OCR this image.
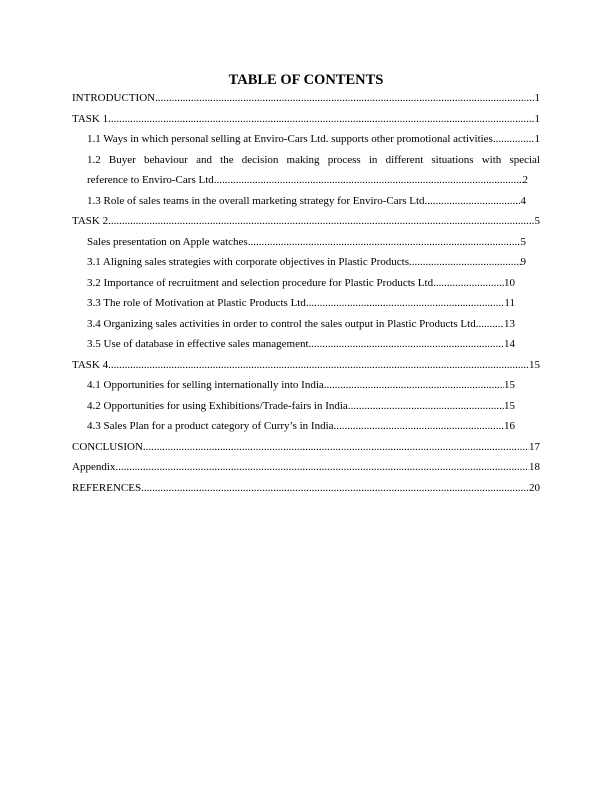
TABLE OF CONTENTS
INTRODUCTION .....	1
TASK 1 .....	1
1.1 Ways in which personal selling at Enviro-Cars Ltd. supports other promotional activities. .....	1
1.2 Buyer behaviour and the decision making process in different situations with special
reference to Enviro-Cars Ltd .....	2
1.3 Role of sales teams in the overall marketing strategy for Enviro-Cars Ltd .....	4
TASK 2 .....	5
Sales presentation on Apple watches .....	5
3.1 Aligning sales strategies with corporate objectives in Plastic Products .....	9
3.2 Importance of recruitment and selection procedure for Plastic Products Ltd .....	10
3.3 The role of Motivation at Plastic Products Ltd .....	11
3.4 Organizing sales activities in order to control the sales output in Plastic Products Ltd. ..... 13
3.5 Use of database in effective sales management .....	14
TASK 4 .....	15
4.1 Opportunities for selling internationally into India .....	15
4.2 Opportunities for using Exhibitions/Trade-fairs in India .....	15
4.3 Sales Plan for a product category of Curry’s in India .....	16
CONCLUSION .....	17
Appendix .....	18
REFERENCES .....	20
